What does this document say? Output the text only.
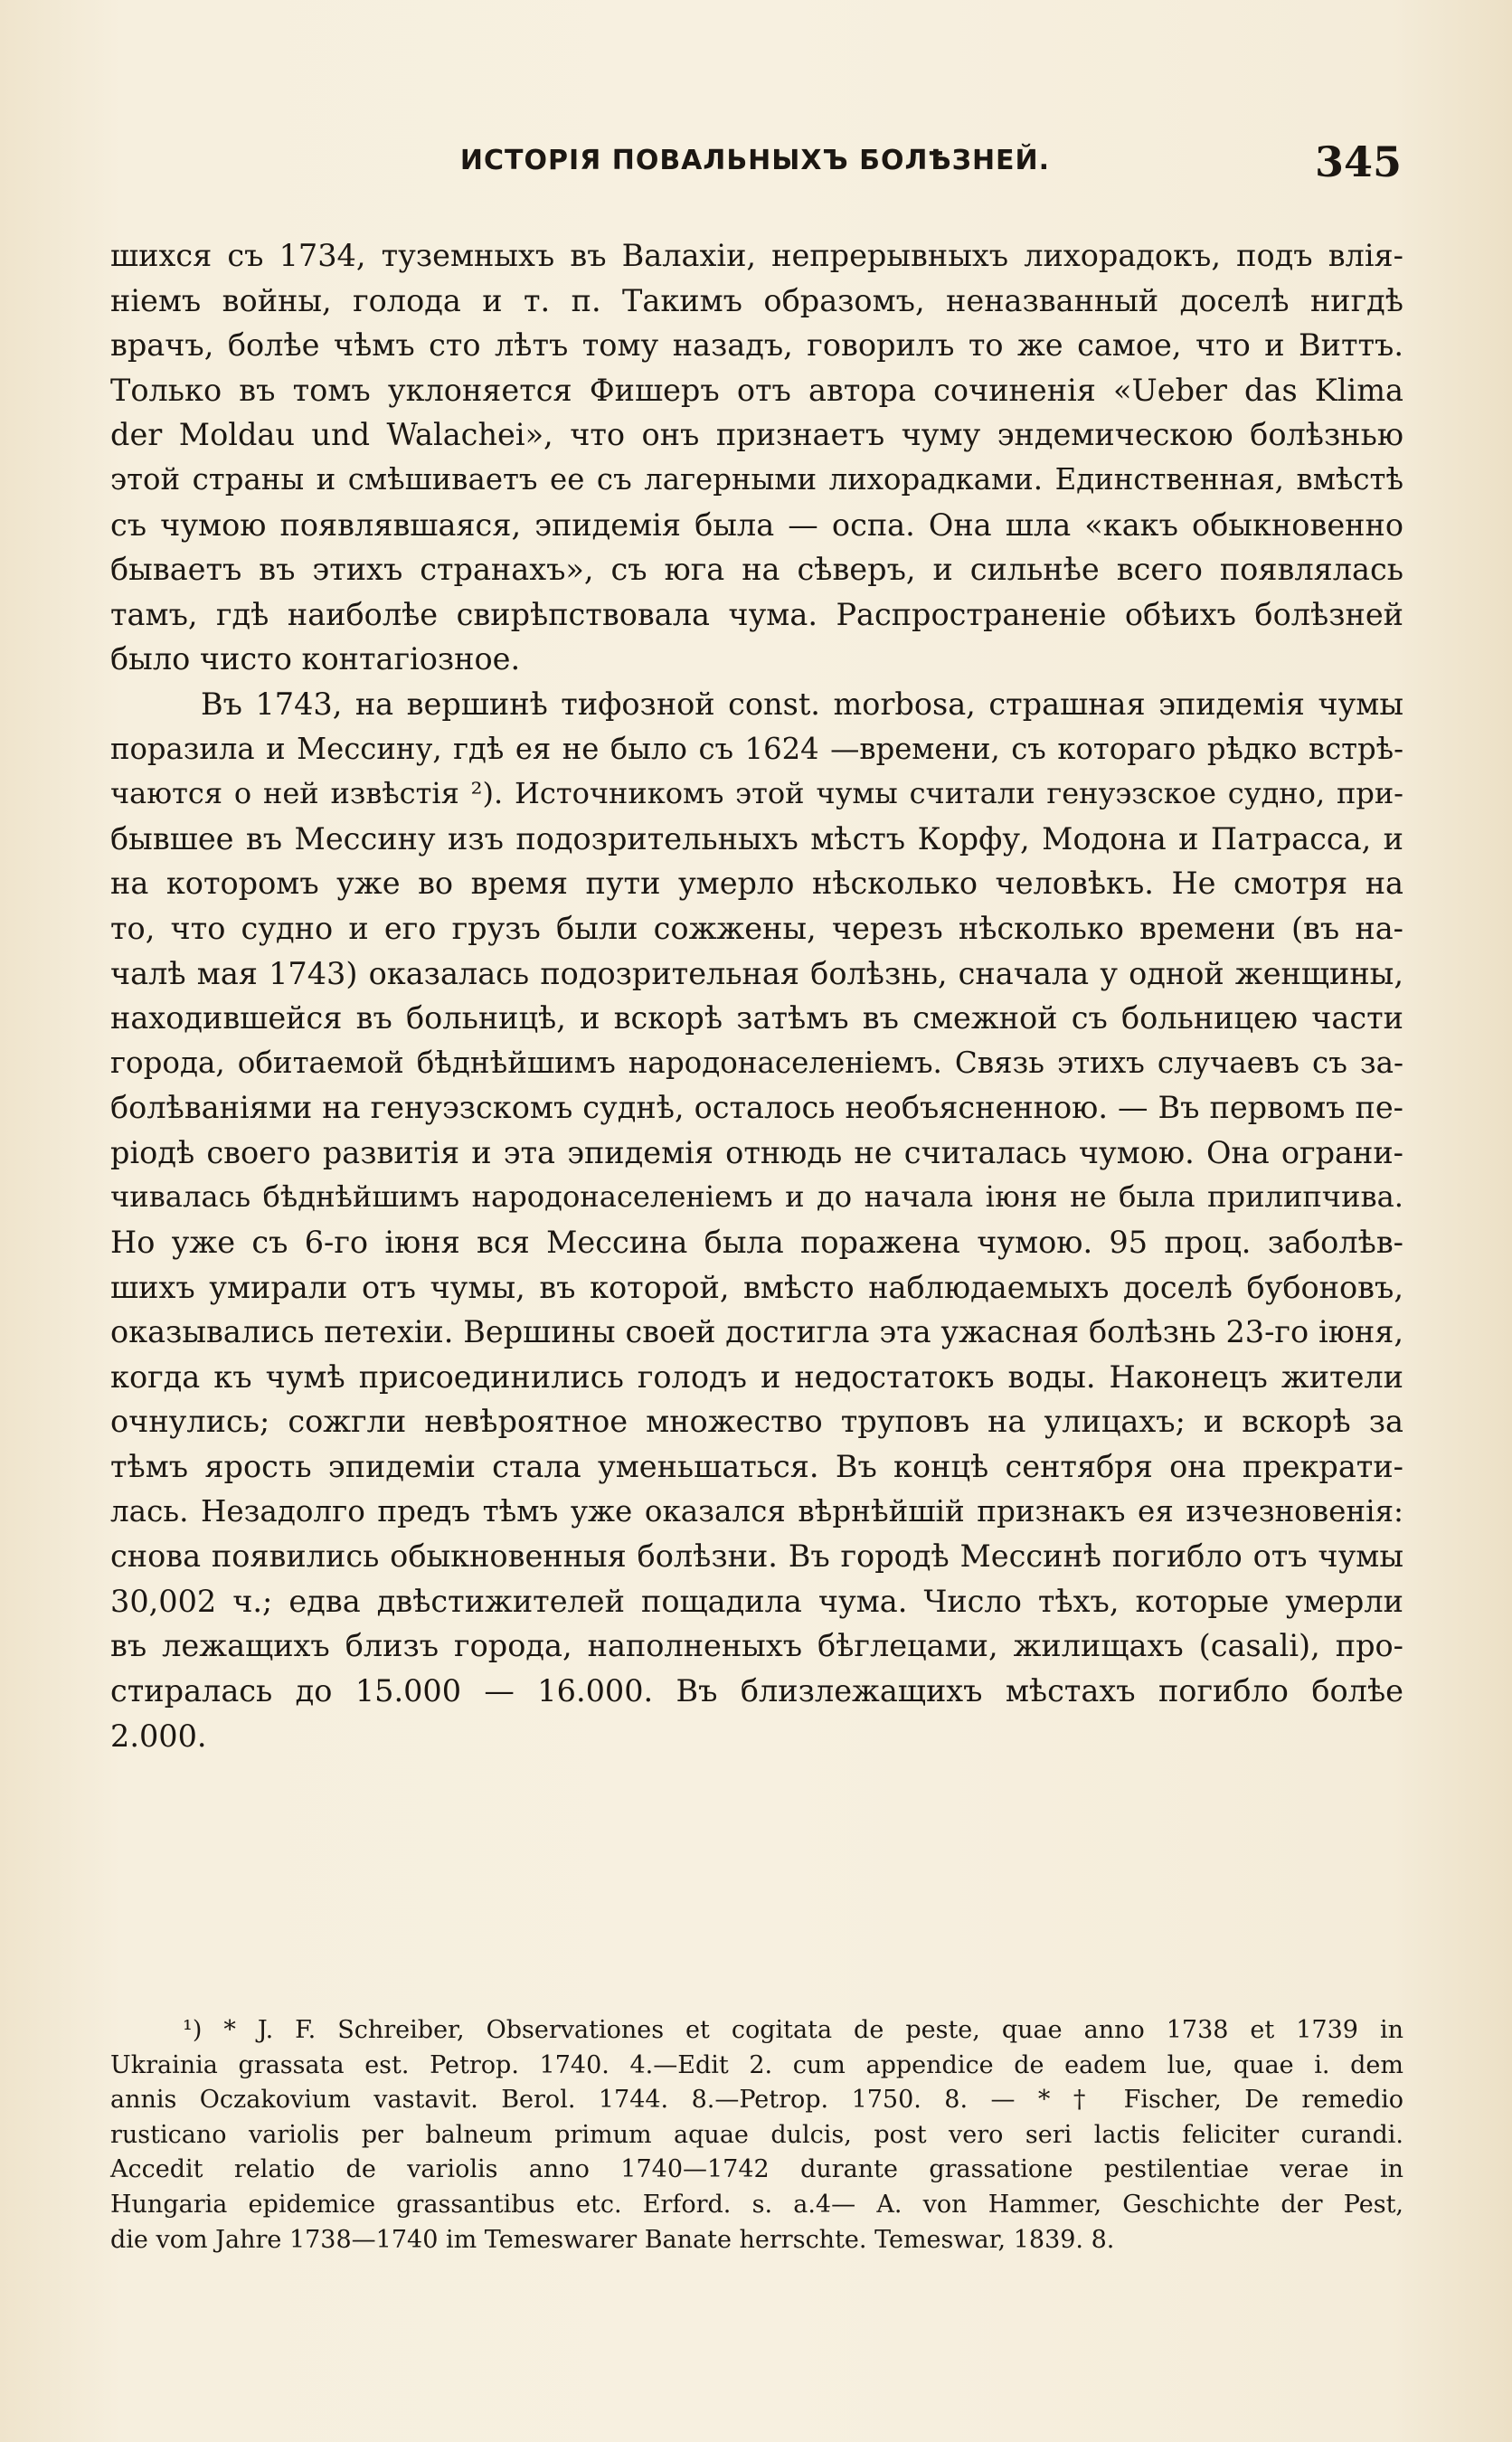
ИСТОРІЯ ПОВАЛЬНЫХЪ БОЛѢЗНЕЙ.	345
шихся съ 1734, туземныхъ въ Валахіи, непрерывныхъ лихорадокъ, подъ влія-
ніемъ войны, голода и т. п. Такимъ образомъ, неназванный доселѣ нигдѣ
врачъ, болѣе чѣмъ сто лѣтъ тому назадъ, говорилъ то же самое, что и Виттъ.
Только въ томъ уклоняется Фишеръ отъ автора сочиненія «Ueber das Klima
der Moldau und Walachei», что онъ признаетъ чуму эндемическою болѣзнью
этой страны и смѣшиваетъ ее съ лагерными лихорадками. Единственная, вмѣстѣ
съ чумою появлявшаяся, эпидемія была — оспа. Она шла «какъ обыкновенно
бываетъ въ этихъ странахъ», съ юга на сѣверъ, и сильнѣе всего появлялась
тамъ, гдѣ наиболѣе свирѣпствовала чума. Распространеніе обѣихъ болѣзней
было чисто контагіозное.
Въ 1743, на вершинѣ тифозной const. morbosa, страшная эпидемія чумы
поразила и Мессину, гдѣ ея не было съ 1624 —времени, съ котораго рѣдко встрѣ-
чаются о ней извѣстія ²). Источникомъ этой чумы считали генуэзское судно, при-
бывшее въ Мессину изъ подозрительныхъ мѣстъ Корфу, Модона и Патрасса, и
на которомъ уже во время пути умерло нѣсколько человѣкъ. Не смотря на
то, что судно и его грузъ были сожжены, черезъ нѣсколько времени (въ на-
чалѣ мая 1743) оказалась подозрительная болѣзнь, сначала у одной женщины,
находившейся въ больницѣ, и вскорѣ затѣмъ въ смежной съ больницею части
города, обитаемой бѣднѣйшимъ народонаселеніемъ. Связь этихъ случаевъ съ за-
болѣваніями на генуэзскомъ суднѣ, осталось необъясненною. — Въ первомъ пе-
ріодѣ своего развитія и эта эпидемія отнюдь не считалась чумою. Она ограни-
чивалась бѣднѣйшимъ народонаселеніемъ и до начала іюня не была прилипчива.
Но уже съ 6-го іюня вся Мессина была поражена чумою. 95 проц. заболѣв-
шихъ умирали отъ чумы, въ которой, вмѣсто наблюдаемыхъ доселѣ бубоновъ,
оказывались петехіи. Вершины своей достигла эта ужасная болѣзнь 23-го іюня,
когда къ чумѣ присоединились голодъ и недостатокъ воды. Наконецъ жители
очнулись; сожгли невѣроятное множество труповъ на улицахъ; и вскорѣ за
тѣмъ ярость эпидеміи стала уменьшаться. Въ концѣ сентября она прекрати-
лась. Незадолго предъ тѣмъ уже оказался вѣрнѣйшій признакъ ея изчезновенія:
снова появились обыкновенныя болѣзни. Въ городѣ Мессинѣ погибло отъ чумы
30,002 ч.; едва двѣстижителей пощадила чума. Число тѣхъ, которые умерли
въ лежащихъ близъ города, наполненыхъ бѣглецами, жилищахъ (casali), про-
стиралась до 15.000 — 16.000. Въ близлежащихъ мѣстахъ погибло болѣе
2.000.
¹) * J. F. Schreiber, Observationes et cogitata de peste, quae anno 1738 et 1739 in
Ukrainia grassata est. Petrop. 1740. 4.—Edit 2. cum appendice de eadem lue, quae i. dem
annis Oczakovium vastavit. Berol. 1744. 8.—Petrop. 1750. 8. — * † Fischer, De remedio
rusticano variolis per balneum primum aquae dulcis, post vero seri lactis feliciter curandi.
Accedit relatio de variolis anno 1740—1742 durante grassatione pestilentiae verae in
Hungaria epidemice grassantibus etc. Erford. s. a.4— A. von Hammer, Geschichte der Pest,
die vom Jahre 1738—1740 im Temeswarer Banate herrschte. Temeswar, 1839. 8.
